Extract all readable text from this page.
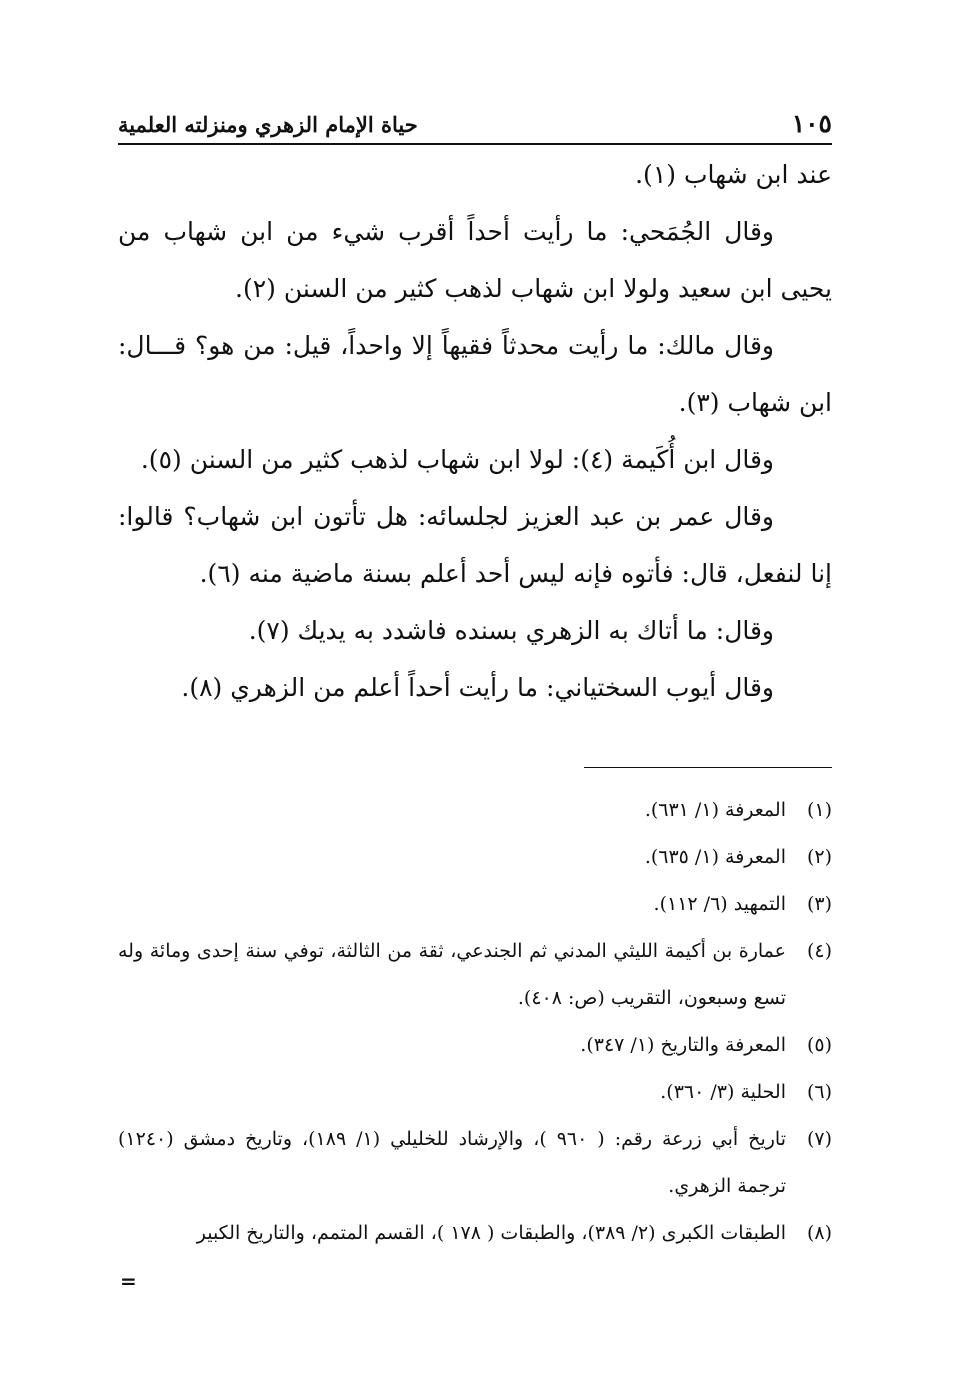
١٠٥
حياة الإمام الزهري ومنزلته العلمية

عند ابن شهاب (١).

وقال الجُمَحي: ما رأيت أحداً أقرب شيء من ابن شهاب من يحيى ابن سعيد ولولا ابن شهاب لذهب كثير من السنن (٢).

وقال مالك: ما رأيت محدثاً فقيهاً إلا واحداً، قيل: من هو؟ قـــال: ابن شهاب (٣).

وقال ابن أُكَيمة (٤): لولا ابن شهاب لذهب كثير من السنن (٥).

وقال عمر بن عبد العزيز لجلسائه: هل تأتون ابن شهاب؟ قالوا: إنا لنفعل، قال: فأتوه فإنه ليس أحد أعلم بسنة ماضية منه (٦).

وقال: ما أتاك به الزهري بسنده فاشدد به يديك (٧).

وقال أيوب السختياني: ما رأيت أحداً أعلم من الزهري (٨).

(١)
المعرفة (١/ ٦٣١).
(٢)
المعرفة (١/ ٦٣٥).
(٣)
التمهيد (٦/ ١١٢).
(٤)
عمارة بن أكيمة الليثي المدني ثم الجندعي، ثقة من الثالثة، توفي سنة إحدى ومائة وله تسع وسبعون، التقريب (ص: ٤٠٨).
(٥)
المعرفة والتاريخ (١/ ٣٤٧).
(٦)
الحلية (٣/ ٣٦٠).
(٧)
تاريخ أبي زرعة رقم: ( ٩٦٠ )، والإرشاد للخليلي (١/ ١٨٩)، وتاريخ دمشق (١٢٤٠) ترجمة الزهري.
(٨)
الطبقات الكبرى (٢/ ٣٨٩)، والطبقات ( ١٧٨ )، القسم المتمم، والتاريخ الكبير
=
